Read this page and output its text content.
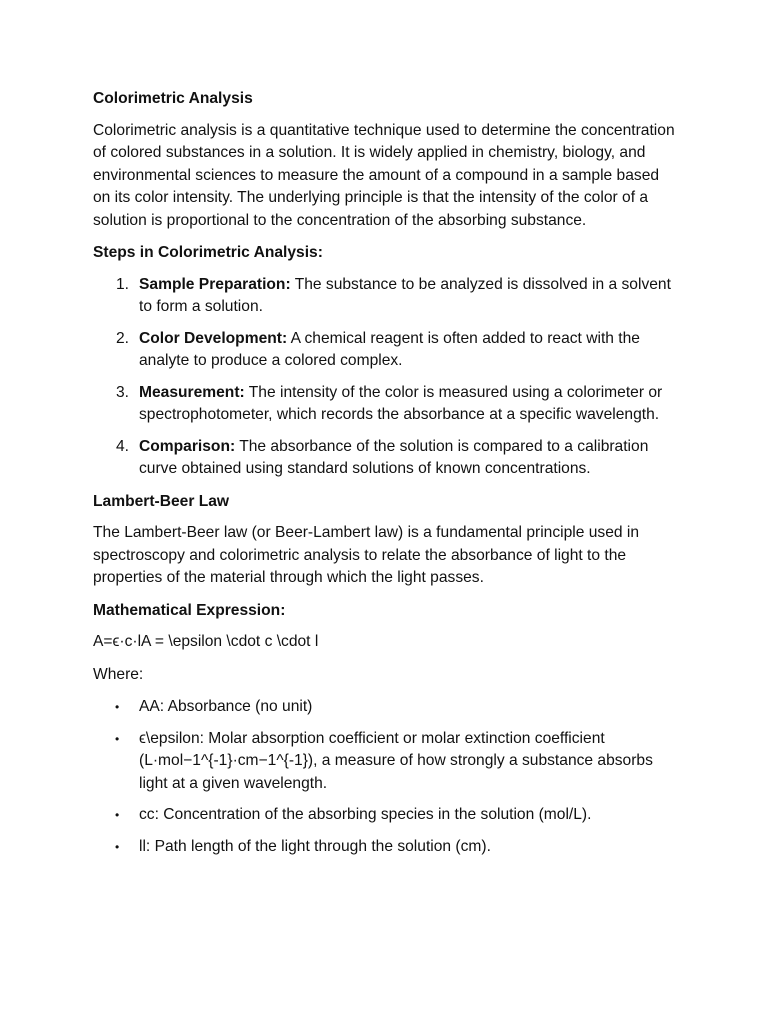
Colorimetric Analysis
Colorimetric analysis is a quantitative technique used to determine the concentration of colored substances in a solution. It is widely applied in chemistry, biology, and environmental sciences to measure the amount of a compound in a sample based on its color intensity. The underlying principle is that the intensity of the color of a solution is proportional to the concentration of the absorbing substance.
Steps in Colorimetric Analysis:
1. Sample Preparation: The substance to be analyzed is dissolved in a solvent to form a solution.
2. Color Development: A chemical reagent is often added to react with the analyte to produce a colored complex.
3. Measurement: The intensity of the color is measured using a colorimeter or spectrophotometer, which records the absorbance at a specific wavelength.
4. Comparison: The absorbance of the solution is compared to a calibration curve obtained using standard solutions of known concentrations.
Lambert-Beer Law
The Lambert-Beer law (or Beer-Lambert law) is a fundamental principle used in spectroscopy and colorimetric analysis to relate the absorbance of light to the properties of the material through which the light passes.
Mathematical Expression:
A=ϵ·c·lA = \epsilon \cdot c \cdot l
Where:
• AA: Absorbance (no unit)
• ϵ\epsilon: Molar absorption coefficient or molar extinction coefficient (L·mol−1^{-1}·cm−1^{-1}), a measure of how strongly a substance absorbs light at a given wavelength.
• cc: Concentration of the absorbing species in the solution (mol/L).
• ll: Path length of the light through the solution (cm).
